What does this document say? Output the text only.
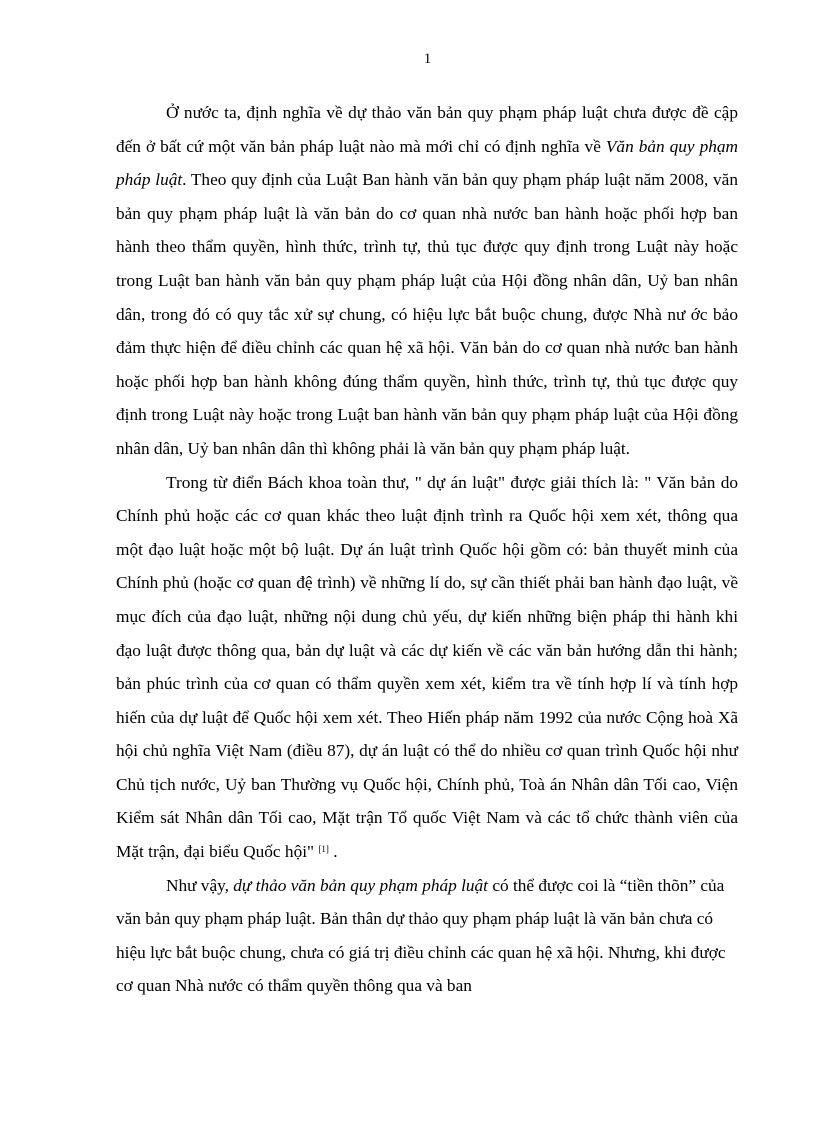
1

Ở nước ta, định nghĩa về dự thảo văn bản quy phạm pháp luật chưa được đề cập đến ở bất cứ một văn bản pháp luật nào mà mới chỉ có định nghĩa về Văn bản quy phạm pháp luật. Theo quy định của Luật Ban hành văn bản quy phạm pháp luật năm 2008, văn bản quy phạm pháp luật là văn bản do cơ quan nhà nước ban hành hoặc phối hợp ban hành theo thẩm quyền, hình thức, trình tự, thủ tục được quy định trong Luật này hoặc trong Luật ban hành văn bản quy phạm pháp luật của Hội đồng nhân dân, Uỷ ban nhân dân, trong đó có quy tắc xử sự chung, có hiệu lực bắt buộc chung, được Nhà nư ớc bảo đảm thực hiện để điều chỉnh các quan hệ xã hội. Văn bản do cơ quan nhà nước ban hành hoặc phối hợp ban hành không đúng thẩm quyền, hình thức, trình tự, thủ tục được quy định trong Luật này hoặc trong Luật ban hành văn bản quy phạm pháp luật của Hội đồng nhân dân, Uỷ ban nhân dân thì không phải là văn bản quy phạm pháp luật.

Trong từ điển Bách khoa toàn thư, " dự án luật" được giải thích là: " Văn bản do Chính phủ hoặc các cơ quan khác theo luật định trình ra Quốc hội xem xét, thông qua một đạo luật hoặc một bộ luật. Dự án luật trình Quốc hội gồm có: bản thuyết minh của Chính phủ (hoặc cơ quan đệ trình) về những lí do, sự cần thiết phải ban hành đạo luật, về mục đích của đạo luật, những nội dung chủ yếu, dự kiến những biện pháp thi hành khi đạo luật được thông qua, bản dự luật và các dự kiến về các văn bản hướng dẫn thi hành; bản phúc trình của cơ quan có thẩm quyền xem xét, kiểm tra về tính hợp lí và tính hợp hiến của dự luật để Quốc hội xem xét. Theo Hiến pháp năm 1992 của nước Cộng hoà Xã hội chủ nghĩa Việt Nam (điều 87), dự án luật có thể do nhiều cơ quan trình Quốc hội như Chủ tịch nước, Uỷ ban Thường vụ Quốc hội, Chính phủ, Toà án Nhân dân Tối cao, Viện Kiểm sát Nhân dân Tối cao, Mặt trận Tổ quốc Việt Nam và các tổ chức thành viên của Mặt trận, đại biểu Quốc hội" [1] .

Như vậy, dự thảo văn bản quy phạm pháp luật có thể được coi là “tiền thõn” của văn bản quy phạm pháp luật. Bản thân dự thảo quy phạm pháp luật là văn bản chưa có hiệu lực bắt buộc chung, chưa có giá trị điều chỉnh các quan hệ xã hội. Nhưng, khi được cơ quan Nhà nước có thẩm quyền thông qua và ban
